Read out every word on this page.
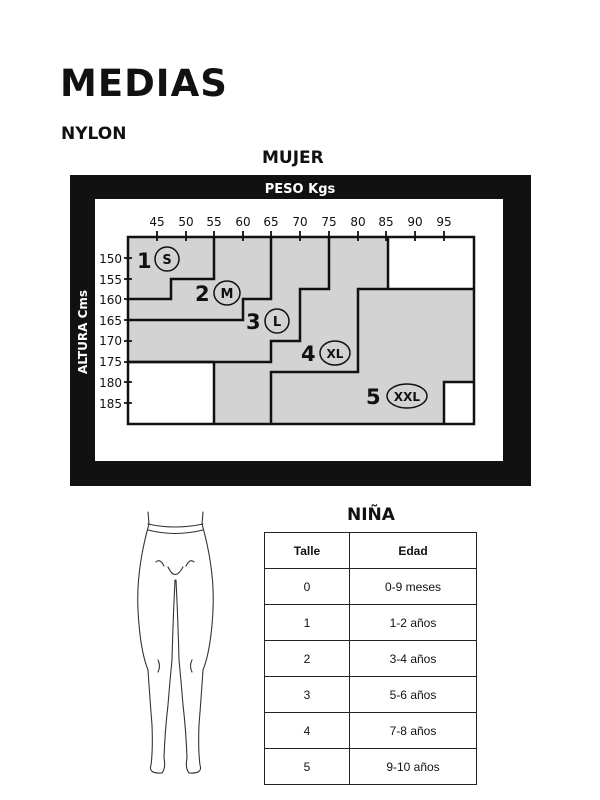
MEDIAS
NYLON
MUJER
PESO Kgs
ALTURA Cms
45 50 55 60 65 70 75 80 85 90 95
150
155
160
165
170
175
180
185
1 S
2 M
3 L
4 XL
5 XXL
NIÑA
Talle	Edad
0	0-9 meses
1	1-2 años
2	3-4 años
3	5-6 años
4	7-8 años
5	9-10 años
